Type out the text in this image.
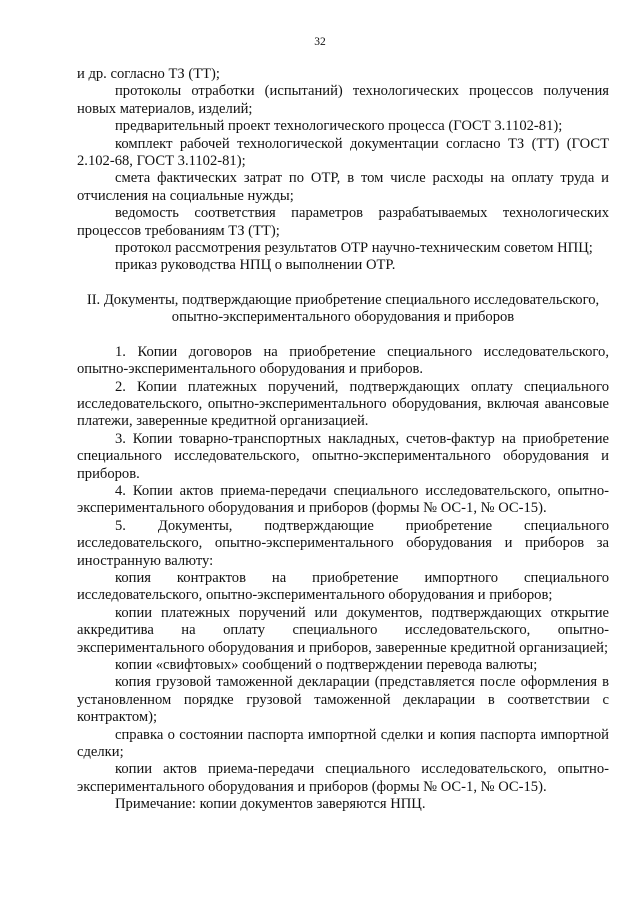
32

и др. согласно ТЗ (ТТ);

протоколы отработки (испытаний) технологических процессов получения новых материалов, изделий;

предварительный проект технологического процесса (ГОСТ 3.1102-81);

комплект рабочей технологической документации согласно ТЗ (ТТ) (ГОСТ 2.102-68, ГОСТ 3.1102-81);

смета фактических затрат по ОТР, в том числе расходы на оплату труда и отчисления на социальные нужды;

ведомость соответствия параметров разрабатываемых технологических процессов требованиям ТЗ (ТТ);

протокол рассмотрения результатов ОТР научно-техническим советом НПЦ;

приказ руководства НПЦ о выполнении ОТР.

II. Документы, подтверждающие приобретение специального исследовательского,

опытно-экспериментального оборудования и приборов

1. Копии договоров на приобретение специального исследовательского, опытно-экспериментального оборудования и приборов.

2. Копии платежных поручений, подтверждающих оплату специального исследовательского, опытно-экспериментального оборудования, включая авансовые платежи, заверенные кредитной организацией.

3. Копии товарно-транспортных накладных, счетов-фактур на приобретение специального исследовательского, опытно-экспериментального оборудования и приборов.

4. Копии актов приема-передачи специального исследовательского, опытно-экспериментального оборудования и приборов (формы № ОС-1, № ОС-15).

5. Документы, подтверждающие приобретение специального исследовательского, опытно-экспериментального оборудования и приборов за иностранную валюту:

копия контрактов на приобретение импортного специального исследовательского, опытно-экспериментального оборудования и приборов;

копии платежных поручений или документов, подтверждающих открытие аккредитива на оплату специального исследовательского, опытно-экспериментального оборудования и приборов, заверенные кредитной организацией;

копии «свифтовых» сообщений о подтверждении перевода валюты;

копия грузовой таможенной декларации (представляется после оформления в установленном порядке грузовой таможенной декларации в соответствии с контрактом);

справка о состоянии паспорта импортной сделки и копия паспорта импортной сделки;

копии актов приема-передачи специального исследовательского, опытно-экспериментального оборудования и приборов (формы № ОС-1, № ОС-15).

Примечание: копии документов заверяются НПЦ.
